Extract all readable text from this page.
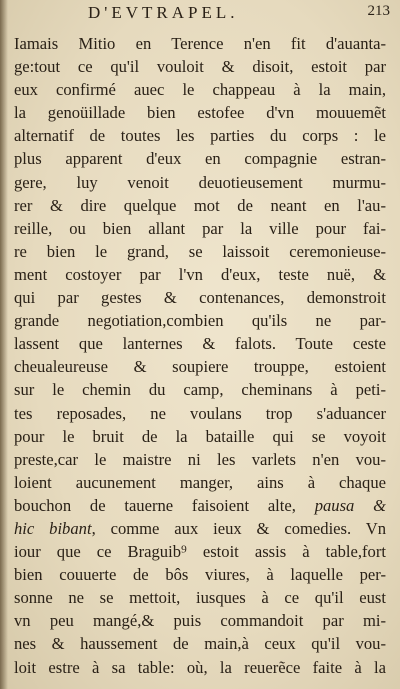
D'EVTRAPEL.	213
Iamais Mitio en Terence n'en fit d'auanta-
ge:tout ce qu'il vouloit & disoit, estoit par
eux confirmé auec le chappeau à la main,
la genoüillade bien estofee d'vn mouuemẽt
alternatif de toutes les parties du corps : le
plus apparent d'eux en compagnie estran-
gere, luy venoit deuotieusement murmu-
rer & dire quelque mot de neant en l'au-
reille, ou bien allant par la ville pour fai-
re bien le grand, se laissoit ceremonieuse-
ment costoyer par l'vn d'eux, teste nuë, &
qui par gestes & contenances, demonstroit
grande negotiation,combien qu'ils ne par-
lassent que lanternes & falots. Toute ceste
cheualeureuse & soupiere trouppe, estoient
sur le chemin du camp, cheminans à peti-
tes reposades, ne voulans trop s'aduancer
pour le bruit de la bataille qui se voyoit
preste,car le maistre ni les varlets n'en vou-
loient aucunement manger, ains à chaque
bouchon de tauerne faisoient alte, pausa &
hic bibant, comme aux ieux & comedies. Vn
iour que ce Braguib⁹ estoit assis à table,fort
bien couuerte de bôs viures, à laquelle per-
sonne ne se mettoit, iusques à ce qu'il eust
vn peu mangé,& puis commandoit par mi-
nes & haussement de main,à ceux qu'il vou-
loit estre à sa table: où, la reuerẽce faite à la
